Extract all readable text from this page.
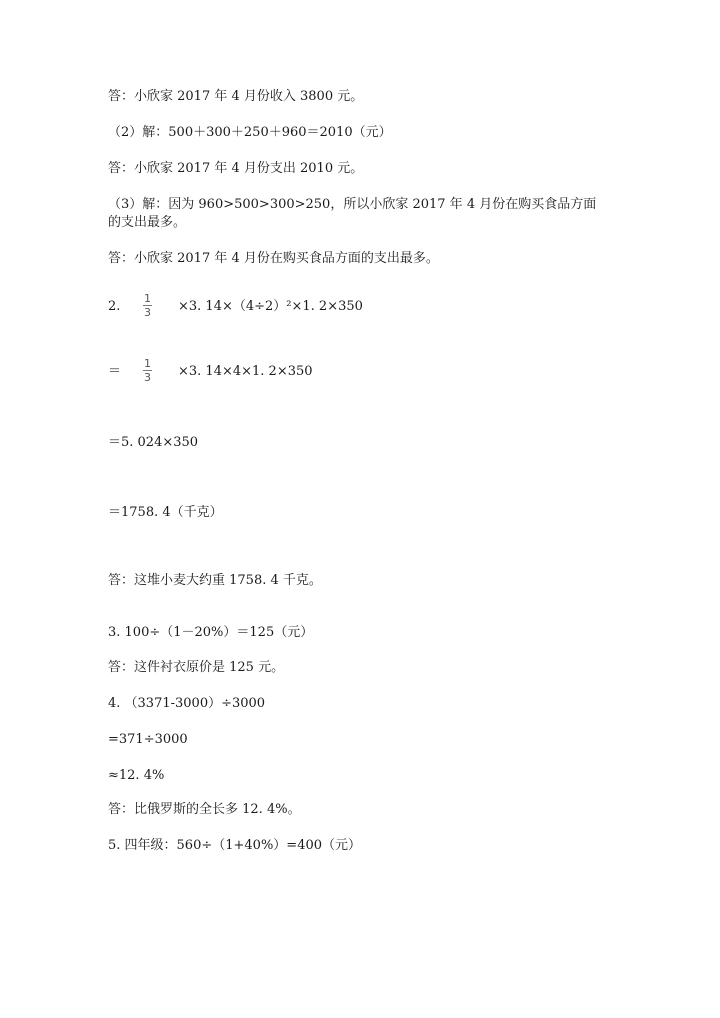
答：小欣家 2017 年 4 月份收入 3800 元。
（2）解：500＋300＋250＋960＝2010（元）
答：小欣家 2017 年 4 月份支出 2010 元。
（3）解：因为 960>500>300>250，所以小欣家 2017 年 4 月份在购买食品方面
的支出最多。
答：小欣家 2017 年 4 月份在购买食品方面的支出最多。
2.
1
3 ×3. 14×（4÷2）²×1. 2×350
＝
1
3 ×3. 14×4×1. 2×350
＝5. 024×350
＝1758. 4（千克）
答：这堆小麦大约重 1758. 4 千克。
3. 100÷（1－20%）＝125（元）
答：这件衬衣原价是 125 元。
4. （3371-3000）÷3000
=371÷3000
≈12. 4%
答：比俄罗斯的全长多 12. 4%。
5. 四年级：560÷（1+40%）=400（元）
